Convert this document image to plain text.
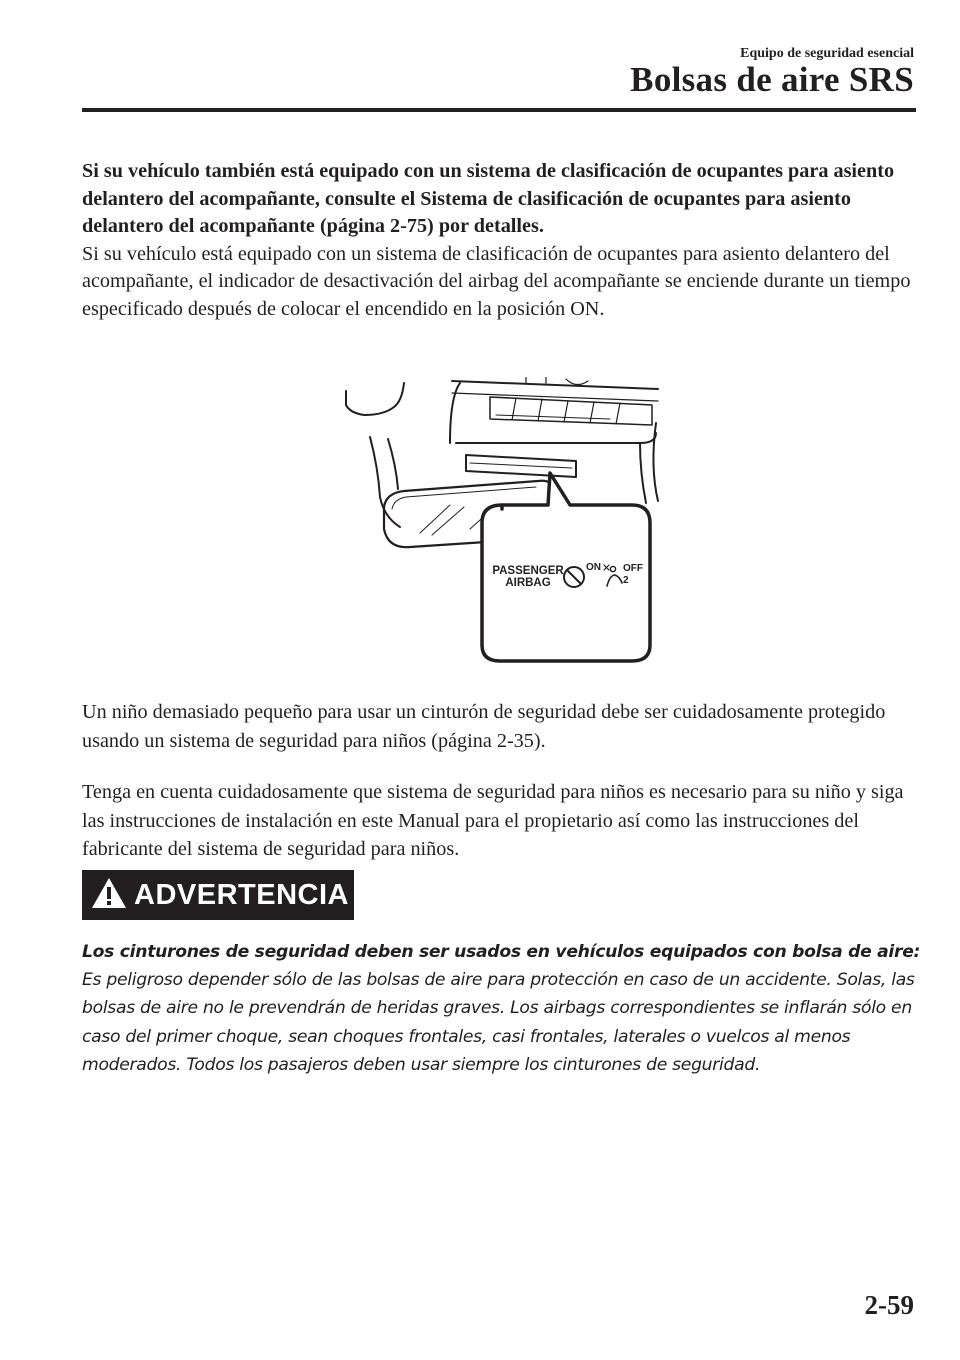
Equipo de seguridad esencial
Bolsas de aire SRS

Si su vehículo también está equipado con un sistema de clasificación de ocupantes para asiento delantero del acompañante, consulte el Sistema de clasificación de ocupantes para asiento delantero del acompañante (página 2-75) por detalles.

Si su vehículo está equipado con un sistema de clasificación de ocupantes para asiento delantero del acompañante, el indicador de desactivación del airbag del acompañante se enciende durante un tiempo especificado después de colocar el encendido en la posición ON.

PASSENGER
AIRBAG
ON OFF
2

Un niño demasiado pequeño para usar un cinturón de seguridad debe ser cuidadosamente protegido usando un sistema de seguridad para niños (página 2-35).

Tenga en cuenta cuidadosamente que sistema de seguridad para niños es necesario para su niño y siga las instrucciones de instalación en este Manual para el propietario así como las instrucciones del fabricante del sistema de seguridad para niños.

ADVERTENCIA

Los cinturones de seguridad deben ser usados en vehículos equipados con bolsa de aire:

Es peligroso depender sólo de las bolsas de aire para protección en caso de un accidente. Solas, las bolsas de aire no le prevendrán de heridas graves. Los airbags correspondientes se inflarán sólo en caso del primer choque, sean choques frontales, casi frontales, laterales o vuelcos al menos moderados. Todos los pasajeros deben usar siempre los cinturones de seguridad.

2-59
